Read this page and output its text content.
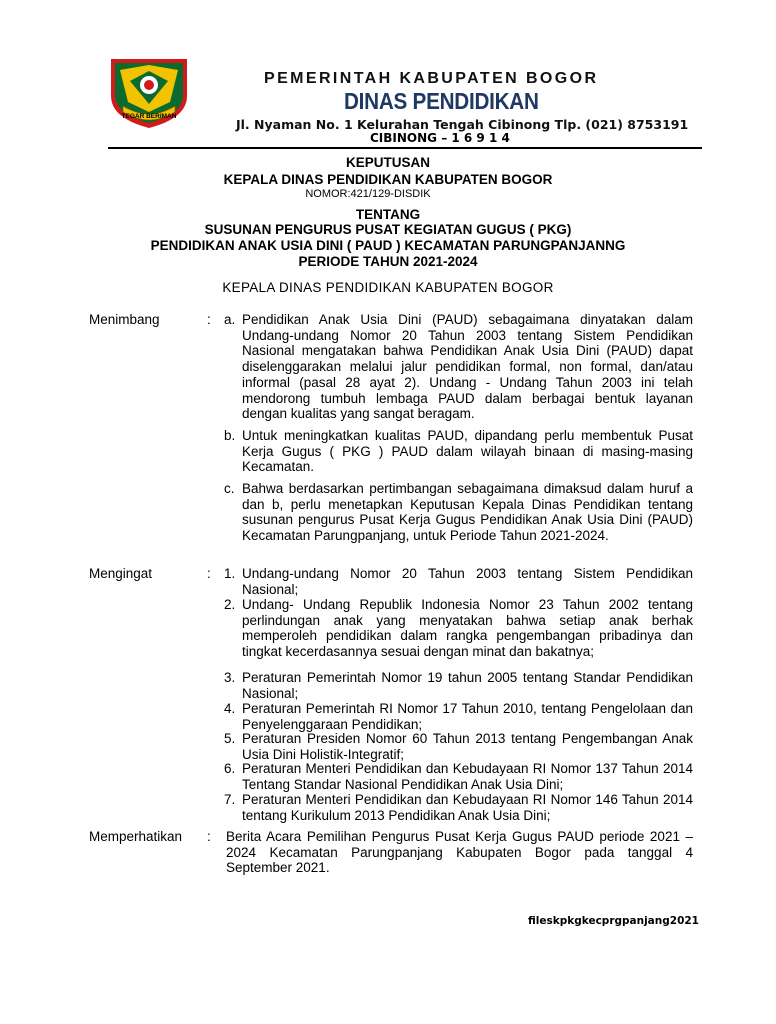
TEGAR BERIMAN
PEMERINTAH KABUPATEN BOGOR
DINAS PENDIDIKAN
Jl. Nyaman No. 1 Kelurahan Tengah Cibinong Tlp. (021) 8753191
CIBINONG – 1 6 9 1 4
KEPUTUSAN
KEPALA DINAS PENDIDIKAN KABUPATEN BOGOR
NOMOR:421/129-DISDIK
TENTANG
SUSUNAN PENGURUS PUSAT KEGIATAN GUGUS ( PKG)
PENDIDIKAN ANAK USIA DINI ( PAUD ) KECAMATAN PARUNGPANJANNG
PERIODE TAHUN 2021-2024
KEPALA DINAS PENDIDIKAN KABUPATEN BOGOR
Menimbang	: a. Pendidikan Anak Usia Dini (PAUD) sebagaimana dinyatakan dalam Undang-undang Nomor 20 Tahun 2003 tentang Sistem Pendidikan Nasional mengatakan bahwa Pendidikan Anak Usia Dini (PAUD) dapat diselenggarakan melalui jalur pendidikan formal, non formal, dan/atau informal (pasal 28 ayat 2). Undang - Undang Tahun 2003 ini telah mendorong tumbuh lembaga PAUD dalam berbagai bentuk layanan dengan kualitas yang sangat beragam.
b. Untuk meningkatkan kualitas PAUD, dipandang perlu membentuk Pusat Kerja Gugus ( PKG ) PAUD dalam wilayah binaan di masing-masing Kecamatan.
c. Bahwa berdasarkan pertimbangan sebagaimana dimaksud dalam huruf a dan b, perlu menetapkan Keputusan Kepala Dinas Pendidikan tentang susunan pengurus Pusat Kerja Gugus Pendidikan Anak Usia Dini (PAUD) Kecamatan Parungpanjang, untuk Periode Tahun 2021-2024.
Mengingat	: 1. Undang-undang Nomor 20 Tahun 2003 tentang Sistem Pendidikan Nasional;
2. Undang- Undang Republik Indonesia Nomor 23 Tahun 2002 tentang perlindungan anak yang menyatakan bahwa setiap anak berhak memperoleh pendidikan dalam rangka pengembangan pribadinya dan tingkat kecerdasannya sesuai dengan minat dan bakatnya;
3. Peraturan Pemerintah Nomor 19 tahun 2005 tentang Standar Pendidikan Nasional;
4. Peraturan Pemerintah RI Nomor 17 Tahun 2010, tentang Pengelolaan dan Penyelenggaraan Pendidikan;
5. Peraturan Presiden Nomor 60 Tahun 2013 tentang Pengembangan Anak Usia Dini Holistik-Integratif;
6. Peraturan Menteri Pendidikan dan Kebudayaan RI Nomor 137 Tahun 2014 Tentang Standar Nasional Pendidikan Anak Usia Dini;
7. Peraturan Menteri Pendidikan dan Kebudayaan RI Nomor 146 Tahun 2014 tentang Kurikulum 2013 Pendidikan Anak Usia Dini;
Memperhatikan : Berita Acara Pemilihan Pengurus Pusat Kerja Gugus PAUD periode 2021 – 2024 Kecamatan Parungpanjang Kabupaten Bogor pada tanggal 4 September 2021.
fileskpkgkecprgpanjang2021
